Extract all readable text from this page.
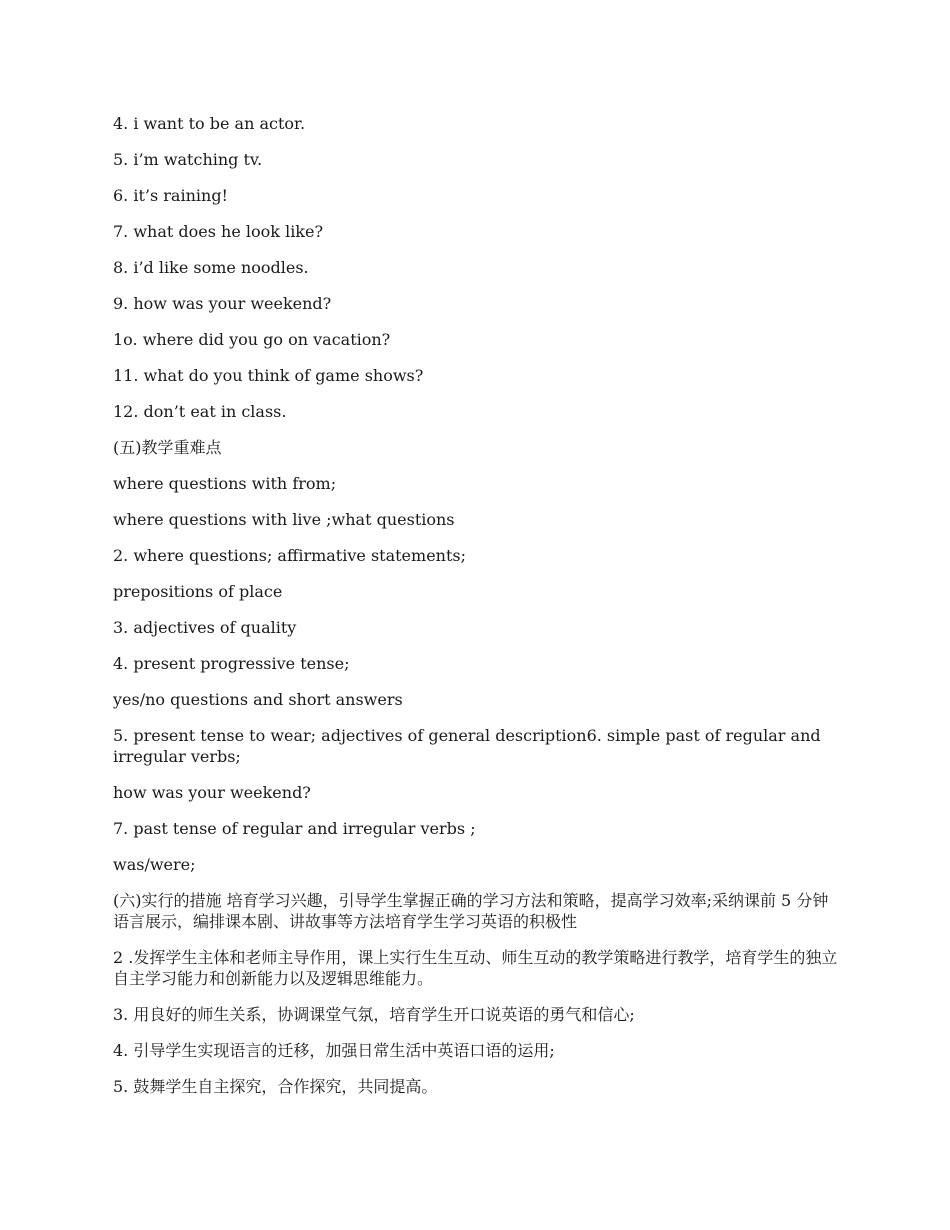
4. i want to be an actor.

5. i’m watching tv.

6. it’s raining!

7. what does he look like?

8. i’d like some noodles.

9. how was your weekend?

1o. where did you go on vacation?

11. what do you think of game shows?

12. don’t eat in class.

(五)教学重难点

where questions with from;

where questions with live ;what questions

2. where questions; affirmative statements;

prepositions of place

3. adjectives of quality

4. present progressive tense;

yes/no questions and short answers

5. present tense to wear; adjectives of general description6. simple past of regular and irregular verbs;

how was your weekend?

7. past tense of regular and irregular verbs ;

was/were;

(六)实行的措施 培育学习兴趣，引导学生掌握正确的学习方法和策略，提高学习效率;采纳课前 5 分钟语言展示，编排课本剧、讲故事等方法培育学生学习英语的积极性

2 .发挥学生主体和老师主导作用，课上实行生生互动、师生互动的教学策略进行教学，培育学生的独立自主学习能力和创新能力以及逻辑思维能力。

3. 用良好的师生关系，协调课堂气氛，培育学生开口说英语的勇气和信心;

4. 引导学生实现语言的迁移，加强日常生活中英语口语的运用;

5. 鼓舞学生自主探究，合作探究，共同提高。
